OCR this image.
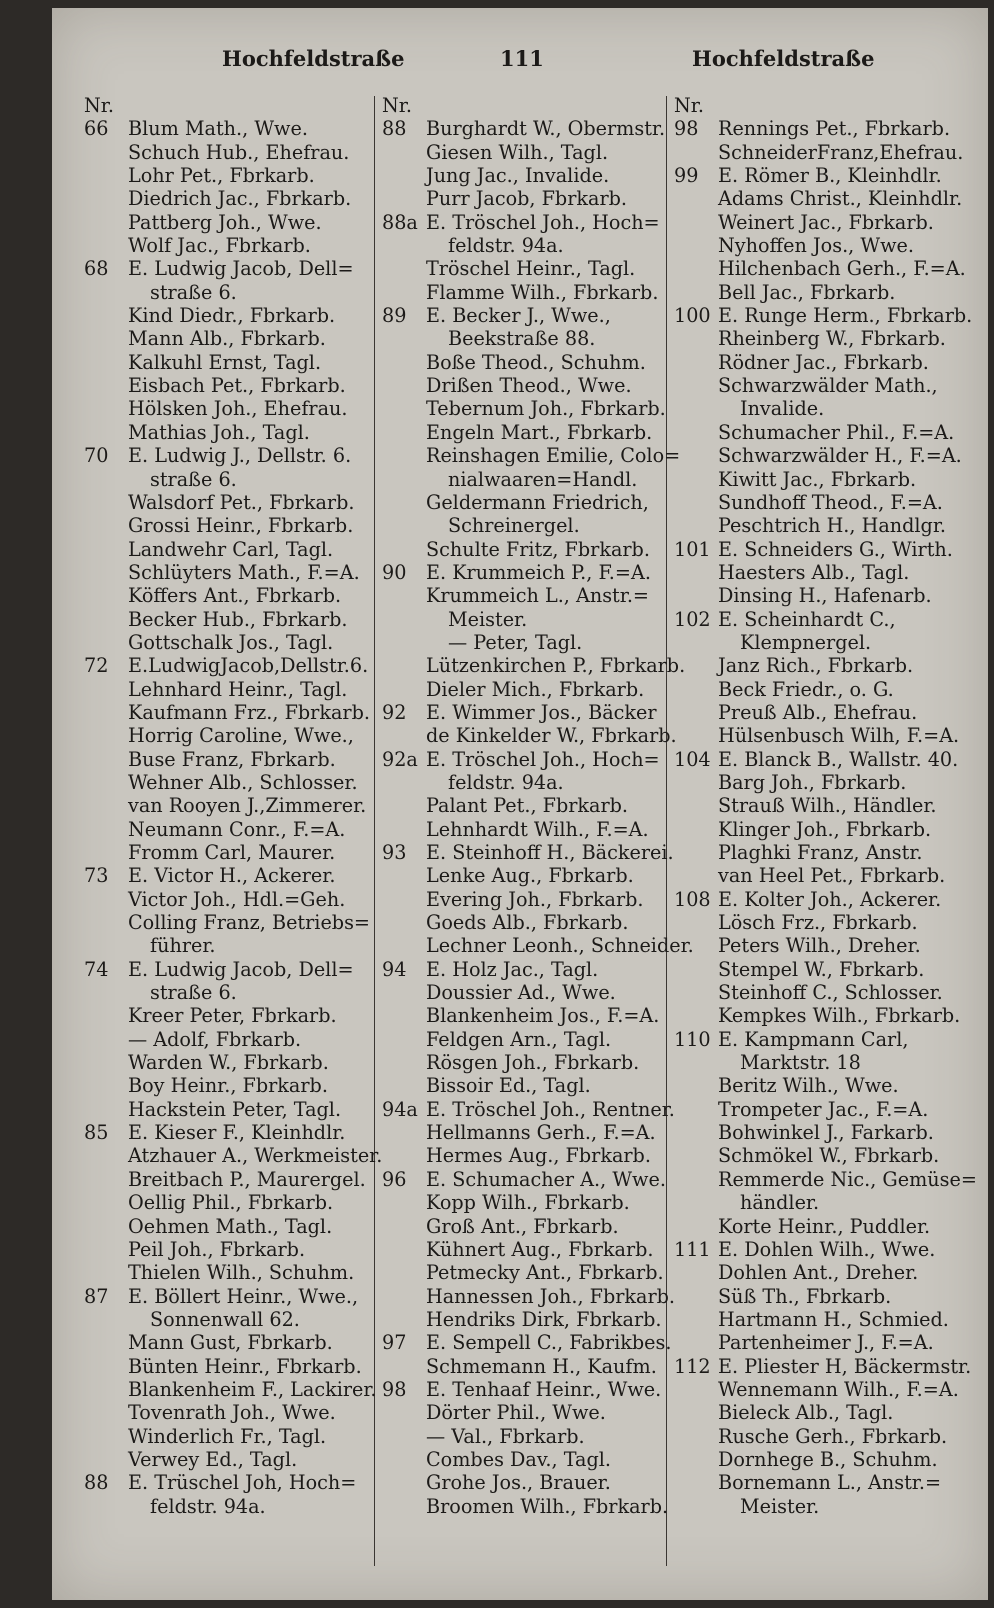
Hochfeldstraße	111	Hochfeldstraße
Nr.
66	Blum Math., Wwe.
Schuch Hub., Ehefrau.
Lohr Pet., Fbrkarb.
Diedrich Jac., Fbrkarb.
Pattberg Joh., Wwe.
Wolf Jac., Fbrkarb.
68	E. Ludwig Jacob, Dell=
straße 6.
Kind Diedr., Fbrkarb.
Mann Alb., Fbrkarb.
Kalkuhl Ernst, Tagl.
Eisbach Pet., Fbrkarb.
Hölsken Joh., Ehefrau.
Mathias Joh., Tagl.
70	E. Ludwig J., Dellstr. 6.
straße 6.
Walsdorf Pet., Fbrkarb.
Grossi Heinr., Fbrkarb.
Landwehr Carl, Tagl.
Schlüyters Math., F.=A.
Köffers Ant., Fbrkarb.
Becker Hub., Fbrkarb.
Gottschalk Jos., Tagl.
72	E.LudwigJacob,Dellstr.6.
Lehnhard Heinr., Tagl.
Kaufmann Frz., Fbrkarb.
Horrig Caroline, Wwe.,
Buse Franz, Fbrkarb.
Wehner Alb., Schlosser.
van Rooyen J.,Zimmerer.
Neumann Conr., F.=A.
Fromm Carl, Maurer.
73	E. Victor H., Ackerer.
Victor Joh., Hdl.=Geh.
Colling Franz, Betriebs=
führer.
74	E. Ludwig Jacob, Dell=
straße 6.
Kreer Peter, Fbrkarb.
— Adolf, Fbrkarb.
Warden W., Fbrkarb.
Boy Heinr., Fbrkarb.
Hackstein Peter, Tagl.
85	E. Kieser F., Kleinhdlr.
Atzhauer A., Werkmeister.
Breitbach P., Maurergel.
Oellig Phil., Fbrkarb.
Oehmen Math., Tagl.
Peil Joh., Fbrkarb.
Thielen Wilh., Schuhm.
87	E. Böllert Heinr., Wwe.,
Sonnenwall 62.
Mann Gust, Fbrkarb.
Bünten Heinr., Fbrkarb.
Blankenheim F., Lackirer.
Tovenrath Joh., Wwe.
Winderlich Fr., Tagl.
Verwey Ed., Tagl.
88	E. Trüschel Joh, Hoch=
feldstr. 94a.
Nr.
88	Burghardt W., Obermstr.
Giesen Wilh., Tagl.
Jung Jac., Invalide.
Purr Jacob, Fbrkarb.
88a E. Tröschel Joh., Hoch=
feldstr. 94a.
Tröschel Heinr., Tagl.
Flamme Wilh., Fbrkarb.
89	E. Becker J., Wwe.,
Beekstraße 88.
Boße Theod., Schuhm.
Drißen Theod., Wwe.
Tebernum Joh., Fbrkarb.
Engeln Mart., Fbrkarb.
Reinshagen Emilie, Colo=
nialwaaren=Handl.
Geldermann Friedrich,
Schreinergel.
Schulte Fritz, Fbrkarb.
90	E. Krummeich P., F.=A.
Krummeich L., Anstr.=
Meister.
— Peter, Tagl.
Lützenkirchen P., Fbrkarb.
Dieler Mich., Fbrkarb.
92	E. Wimmer Jos., Bäcker
de Kinkelder W., Fbrkarb.
92a E. Tröschel Joh., Hoch=
feldstr. 94a.
Palant Pet., Fbrkarb.
Lehnhardt Wilh., F.=A.
93	E. Steinhoff H., Bäckerei.
Lenke Aug., Fbrkarb.
Evering Joh., Fbrkarb.
Goeds Alb., Fbrkarb.
Lechner Leonh., Schneider.
94	E. Holz Jac., Tagl.
Doussier Ad., Wwe.
Blankenheim Jos., F.=A.
Feldgen Arn., Tagl.
Rösgen Joh., Fbrkarb.
Bissoir Ed., Tagl.
94a E. Tröschel Joh., Rentner.
Hellmanns Gerh., F.=A.
Hermes Aug., Fbrkarb.
96	E. Schumacher A., Wwe.
Kopp Wilh., Fbrkarb.
Groß Ant., Fbrkarb.
Kühnert Aug., Fbrkarb.
Petmecky Ant., Fbrkarb.
Hannessen Joh., Fbrkarb.
Hendriks Dirk, Fbrkarb.
97	E. Sempell C., Fabrikbes.
Schmemann H., Kaufm.
98	E. Tenhaaf Heinr., Wwe.
Dörter Phil., Wwe.
— Val., Fbrkarb.
Combes Dav., Tagl.
Grohe Jos., Brauer.
Broomen Wilh., Fbrkarb.
Nr.
98	Rennings Pet., Fbrkarb.
SchneiderFranz,Ehefrau.
99	E. Römer B., Kleinhdlr.
Adams Christ., Kleinhdlr.
Weinert Jac., Fbrkarb.
Nyhoffen Jos., Wwe.
Hilchenbach Gerh., F.=A.
Bell Jac., Fbrkarb.
100 E. Runge Herm., Fbrkarb.
Rheinberg W., Fbrkarb.
Rödner Jac., Fbrkarb.
Schwarzwälder Math.,
Invalide.
Schumacher Phil., F.=A.
Schwarzwälder H., F.=A.
Kiwitt Jac., Fbrkarb.
Sundhoff Theod., F.=A.
Peschtrich H., Handlgr.
101 E. Schneiders G., Wirth.
Haesters Alb., Tagl.
Dinsing H., Hafenarb.
102 E. Scheinhardt C.,
Klempnergel.
Janz Rich., Fbrkarb.
Beck Friedr., o. G.
Preuß Alb., Ehefrau.
Hülsenbusch Wilh, F.=A.
104 E. Blanck B., Wallstr. 40.
Barg Joh., Fbrkarb.
Strauß Wilh., Händler.
Klinger Joh., Fbrkarb.
Plaghki Franz, Anstr.
van Heel Pet., Fbrkarb.
108 E. Kolter Joh., Ackerer.
Lösch Frz., Fbrkarb.
Peters Wilh., Dreher.
Stempel W., Fbrkarb.
Steinhoff C., Schlosser.
Kempkes Wilh., Fbrkarb.
110 E. Kampmann Carl,
Marktstr. 18
Beritz Wilh., Wwe.
Trompeter Jac., F.=A.
Bohwinkel J., Farkarb.
Schmökel W., Fbrkarb.
Remmerde Nic., Gemüse=
händler.
Korte Heinr., Puddler.
111 E. Dohlen Wilh., Wwe.
Dohlen Ant., Dreher.
Süß Th., Fbrkarb.
Hartmann H., Schmied.
Partenheimer J., F.=A.
112 E. Pliester H, Bäckermstr.
Wennemann Wilh., F.=A.
Bieleck Alb., Tagl.
Rusche Gerh., Fbrkarb.
Dornhege B., Schuhm.
Bornemann L., Anstr.=
Meister.
